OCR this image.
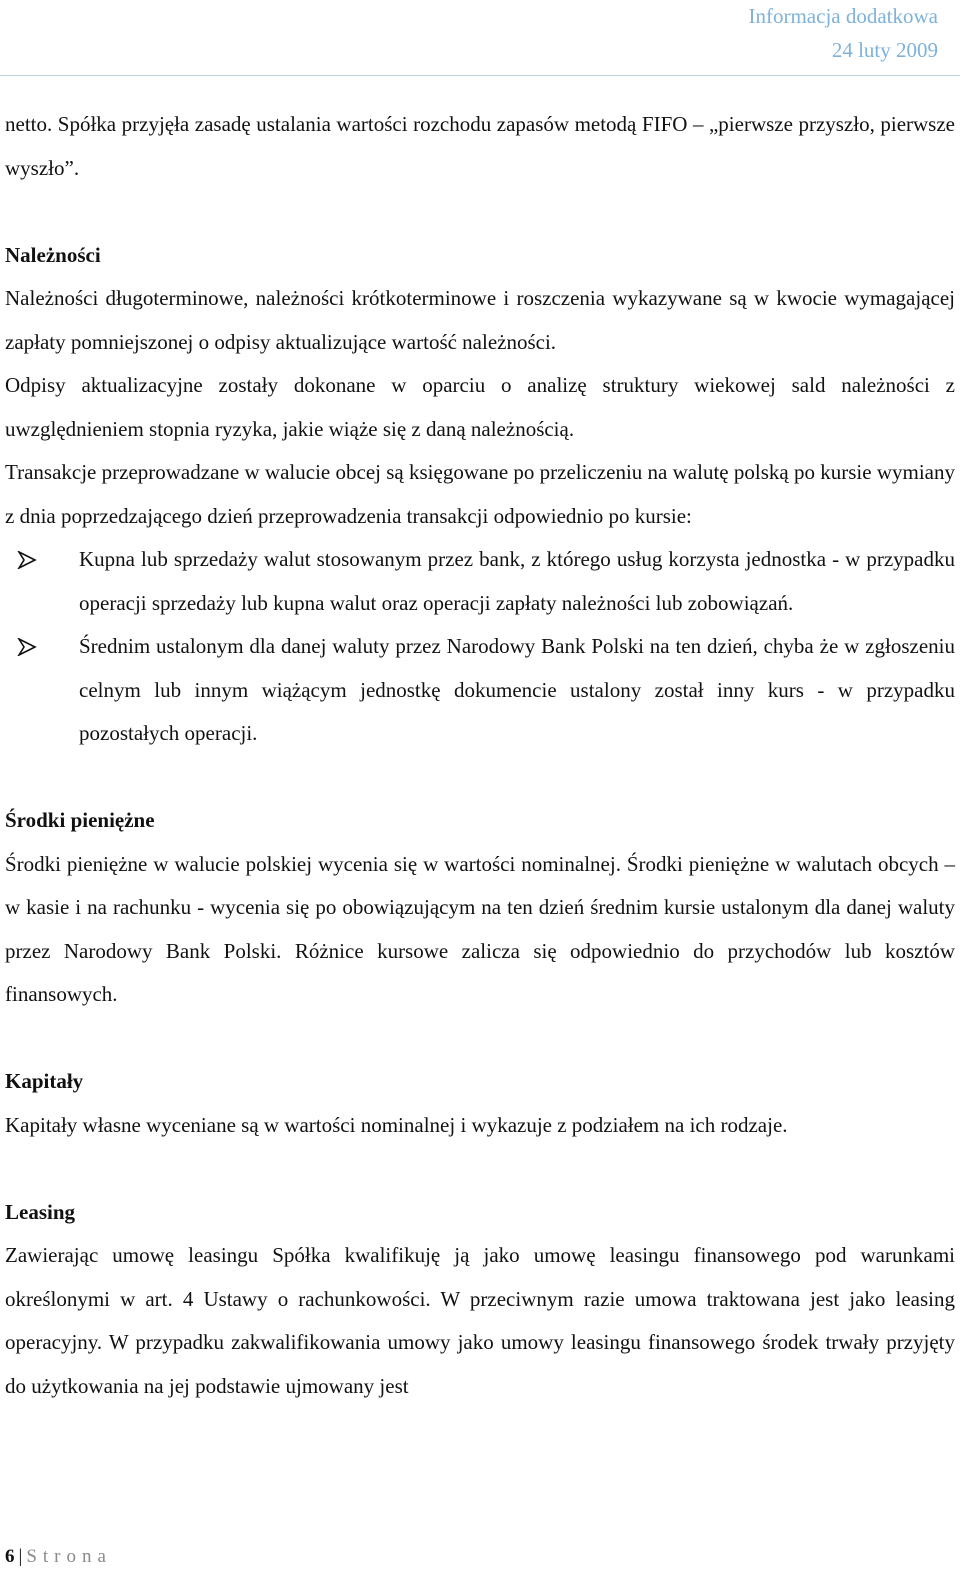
Informacja dodatkowa
24 luty 2009

netto. Spółka przyjęła zasadę ustalania wartości rozchodu zapasów metodą FIFO – „pierwsze przyszło, pierwsze wyszło”.

Należności

Należności długoterminowe, należności krótkoterminowe i roszczenia wykazywane są w kwocie wymagającej zapłaty pomniejszonej o odpisy aktualizujące wartość należności.

Odpisy aktualizacyjne zostały dokonane w oparciu o analizę struktury wiekowej sald należności z uwzględnieniem stopnia ryzyka, jakie wiąże się z daną należnością.

Transakcje przeprowadzane w walucie obcej są księgowane po przeliczeniu na walutę polską po kursie wymiany z dnia poprzedzającego dzień przeprowadzenia transakcji odpowiednio po kursie:

Kupna lub sprzedaży walut stosowanym przez bank, z którego usług korzysta jednostka - w przypadku operacji sprzedaży lub kupna walut oraz operacji zapłaty należności lub zobowiązań.
Średnim ustalonym dla danej waluty przez Narodowy Bank Polski na ten dzień, chyba że w zgłoszeniu celnym lub innym wiążącym jednostkę dokumencie ustalony został inny kurs - w przypadku pozostałych operacji.
Środki pieniężne

Środki pieniężne w walucie polskiej wycenia się w wartości nominalnej. Środki pieniężne w walutach obcych – w kasie i na rachunku - wycenia się po obowiązującym na ten dzień średnim kursie ustalonym dla danej waluty przez Narodowy Bank Polski. Różnice kursowe zalicza się odpowiednio do przychodów lub kosztów finansowych.

Kapitały

Kapitały własne wyceniane są w wartości nominalnej i wykazuje z podziałem na ich rodzaje.

Leasing

Zawierając umowę leasingu Spółka kwalifikuję ją jako umowę leasingu finansowego pod warunkami określonymi w art. 4 Ustawy o rachunkowości. W przeciwnym razie umowa traktowana jest jako leasing operacyjny. W przypadku zakwalifikowania umowy jako umowy leasingu finansowego środek trwały przyjęty do użytkowania na jej podstawie ujmowany jest

6 | Strona
